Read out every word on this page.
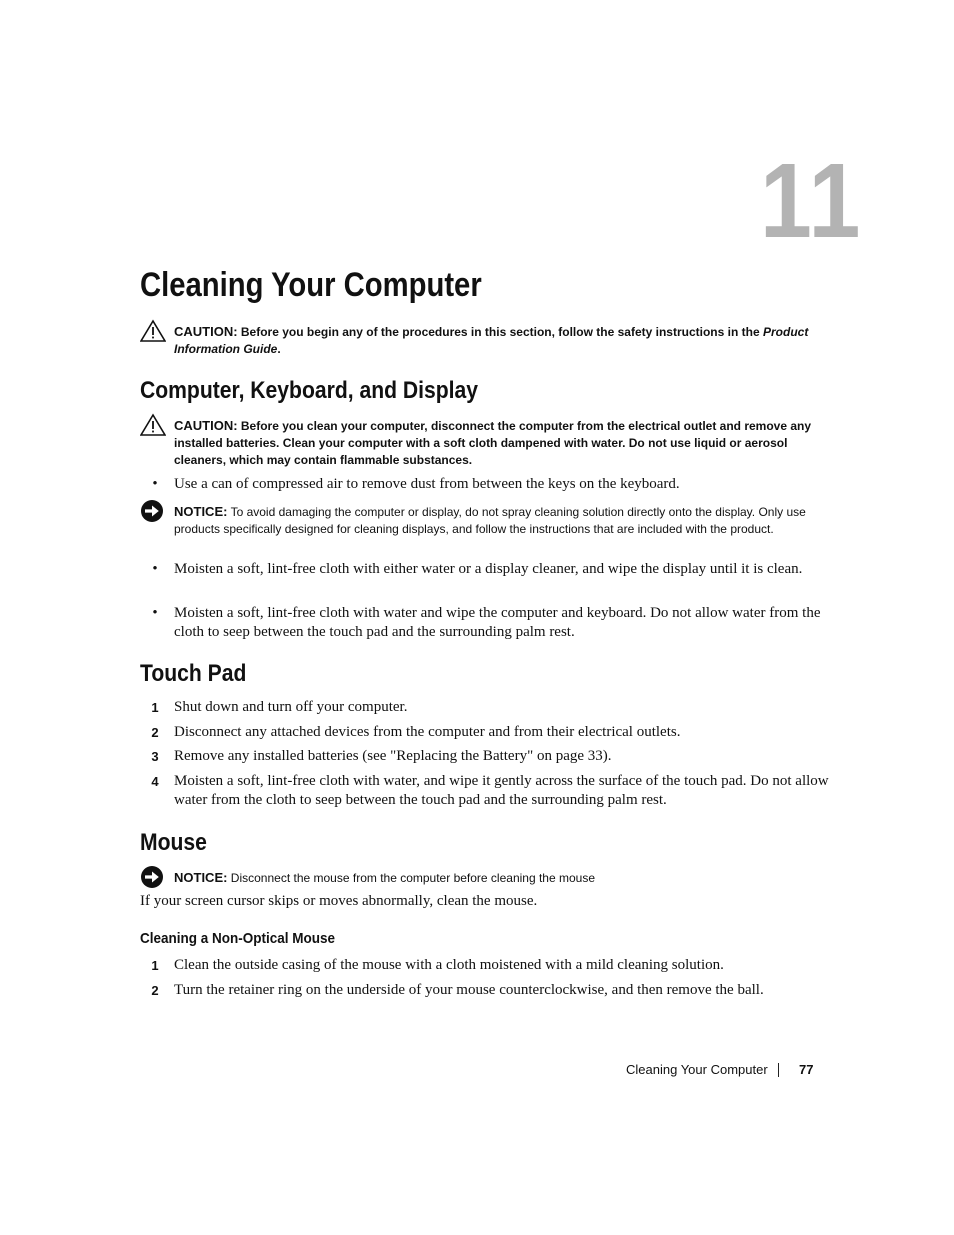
11
Cleaning Your Computer
CAUTION: Before you begin any of the procedures in this section, follow the safety instructions in the Product Information Guide.
Computer, Keyboard, and Display
CAUTION: Before you clean your computer, disconnect the computer from the electrical outlet and remove any installed batteries. Clean your computer with a soft cloth dampened with water. Do not use liquid or aerosol cleaners, which may contain flammable substances.
• Use a can of compressed air to remove dust from between the keys on the keyboard.
NOTICE: To avoid damaging the computer or display, do not spray cleaning solution directly onto the display. Only use products specifically designed for cleaning displays, and follow the instructions that are included with the product.
• Moisten a soft, lint-free cloth with either water or a display cleaner, and wipe the display until it is clean.
• Moisten a soft, lint-free cloth with water and wipe the computer and keyboard. Do not allow water from the cloth to seep between the touch pad and the surrounding palm rest.
Touch Pad
1 Shut down and turn off your computer.
2 Disconnect any attached devices from the computer and from their electrical outlets.
3 Remove any installed batteries (see "Replacing the Battery" on page 33).
4 Moisten a soft, lint-free cloth with water, and wipe it gently across the surface of the touch pad. Do not allow water from the cloth to seep between the touch pad and the surrounding palm rest.
Mouse
NOTICE: Disconnect the mouse from the computer before cleaning the mouse
If your screen cursor skips or moves abnormally, clean the mouse.
Cleaning a Non-Optical Mouse
1 Clean the outside casing of the mouse with a cloth moistened with a mild cleaning solution.
2 Turn the retainer ring on the underside of your mouse counterclockwise, and then remove the ball.
Cleaning Your Computer 77
